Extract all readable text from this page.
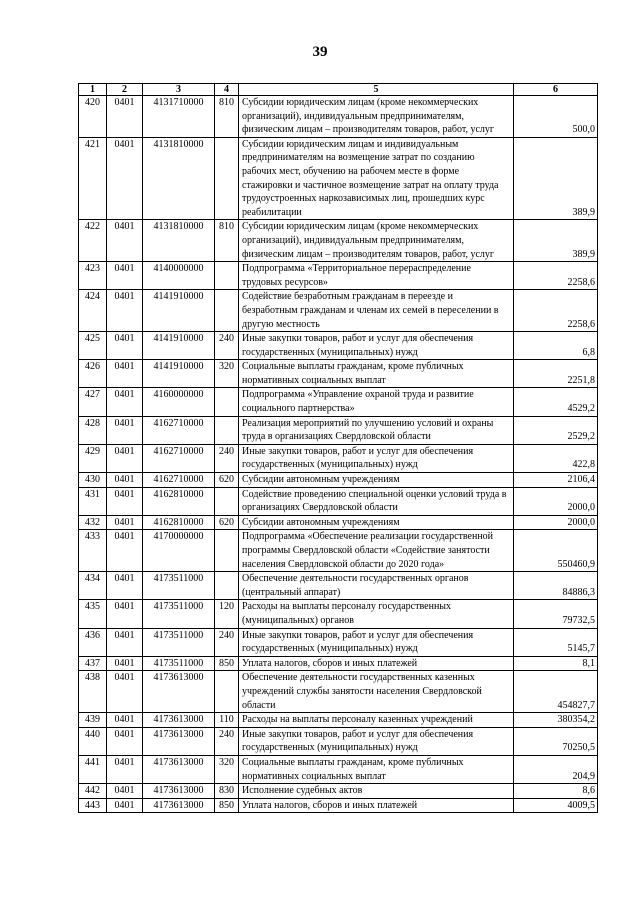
39
1	2	3	4	5	6
420	0401	4131710000	810	Субсидии юридическим лицам (кроме некоммерческих организаций), индивидуальным предпринимателям, физическим лицам – производителям товаров, работ, услуг	500,0
421	0401	4131810000		Субсидии юридическим лицам и индивидуальным предпринимателям на возмещение затрат по созданию рабочих мест, обучению на рабочем месте в форме стажировки и частичное возмещение затрат на оплату труда трудоустроенных наркозависимых лиц, прошедших курс реабилитации	389,9
422	0401	4131810000	810	Субсидии юридическим лицам (кроме некоммерческих организаций), индивидуальным предпринимателям, физическим лицам – производителям товаров, работ, услуг	389,9
423	0401	4140000000		Подпрограмма «Территориальное перераспределение трудовых ресурсов»	2258,6
424	0401	4141910000		Содействие безработным гражданам в переезде и безработным гражданам и членам их семей в переселении в другую местность	2258,6
425	0401	4141910000	240	Иные закупки товаров, работ и услуг для обеспечения государственных (муниципальных) нужд	6,8
426	0401	4141910000	320	Социальные выплаты гражданам, кроме публичных нормативных социальных выплат	2251,8
427	0401	4160000000		Подпрограмма «Управление охраной труда и развитие социального партнерства»	4529,2
428	0401	4162710000		Реализация мероприятий по улучшению условий и охраны труда в организациях Свердловской области	2529,2
429	0401	4162710000	240	Иные закупки товаров, работ и услуг для обеспечения государственных (муниципальных) нужд	422,8
430	0401	4162710000	620	Субсидии автономным учреждениям	2106,4
431	0401	4162810000		Содействие проведению специальной оценки условий труда в организациях Свердловской области	2000,0
432	0401	4162810000	620	Субсидии автономным учреждениям	2000,0
433	0401	4170000000		Подпрограмма «Обеспечение реализации государственной программы Свердловской области «Содействие занятости населения Свердловской области до 2020 года»	550460,9
434	0401	4173511000		Обеспечение деятельности государственных органов (центральный аппарат)	84886,3
435	0401	4173511000	120	Расходы на выплаты персоналу государственных (муниципальных) органов	79732,5
436	0401	4173511000	240	Иные закупки товаров, работ и услуг для обеспечения государственных (муниципальных) нужд	5145,7
437	0401	4173511000	850	Уплата налогов, сборов и иных платежей	8,1
438	0401	4173613000		Обеспечение деятельности государственных казенных учреждений службы занятости населения Свердловской области	454827,7
439	0401	4173613000	110	Расходы на выплаты персоналу казенных учреждений	380354,2
440	0401	4173613000	240	Иные закупки товаров, работ и услуг для обеспечения государственных (муниципальных) нужд	70250,5
441	0401	4173613000	320	Социальные выплаты гражданам, кроме публичных нормативных социальных выплат	204,9
442	0401	4173613000	830	Исполнение судебных актов	8,6
443	0401	4173613000	850	Уплата налогов, сборов и иных платежей	4009,5
